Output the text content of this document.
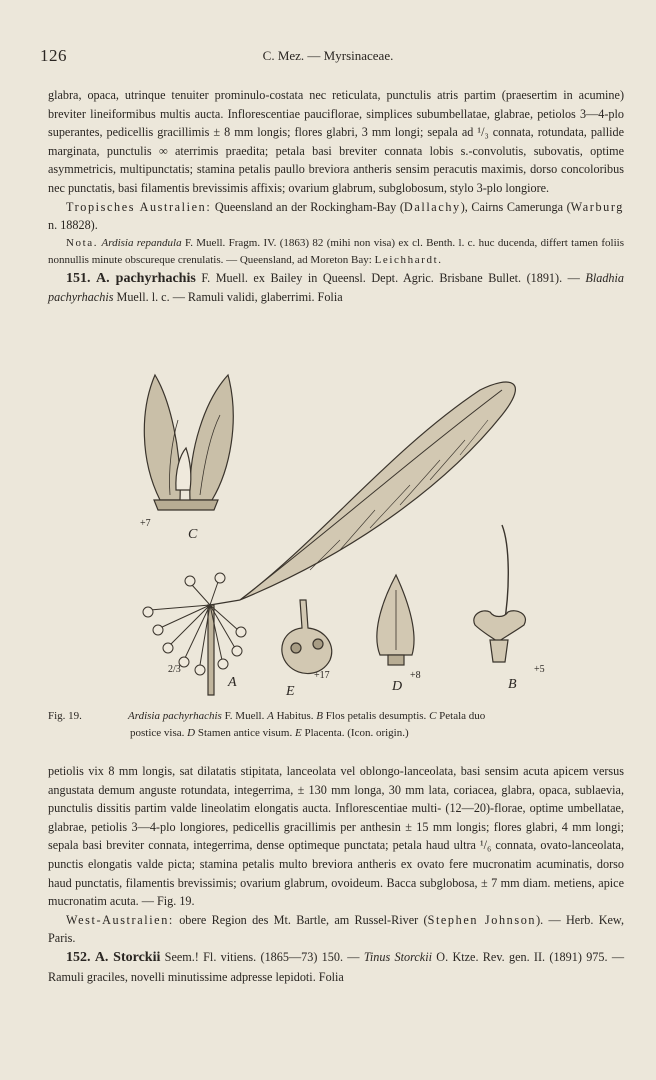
126	C. Mez. — Myrsinaceae.

glabra, opaca, utrinque tenuiter prominulo-costata nec reticulata, punctulis atris partim (praesertim in acumine) breviter lineiformibus multis aucta. Inflorescentiae pauciflorae, simplices subumbellatae, glabrae, petiolos 3—4-plo superantes, pedicellis gracillimis ± 8 mm longis; flores glabri, 3 mm longi; sepala ad ¹/₃ connata, rotundata, pallide marginata, punctulis ∞ aterrimis praedita; petala basi breviter connata lobis s.-convolutis, subovatis, optime asymmetricis, multipunctatis; stamina petalis paullo breviora antheris sensim peracutis maximis, dorso concoloribus nec punctatis, basi filamentis brevissimis affixis; ovarium glabrum, subglobosum, stylo 3-plo longiore.

Tropisches Australien: Queensland an der Rockingham-Bay (Dallachy), Cairns Camerunga (Warburg n. 18828).

Nota. Ardisia repandula F. Muell. Fragm. IV. (1863) 82 (mihi non visa) ex cl. Benth. l. c. huc ducenda, differt tamen foliis nonnullis minute obscureque crenulatis. — Queensland, ad Moreton Bay: Leichhardt.

151. A. pachyrhachis F. Muell. ex Bailey in Queensl. Dept. Agric. Brisbane Bullet. (1891). — Bladhia pachyrhachis Muell. l. c. — Ramuli validi, glaberrimi. Folia

+7
C
2/3
A
E
+17
D
+8
B
+5
Fig. 19.	Ardisia pachyrhachis F. Muell. A Habitus. B Flos petalis desumptis. C Petala duo
postice visa. D Stamen antice visum. E Placenta. (Icon. origin.)

petiolis vix 8 mm longis, sat dilatatis stipitata, lanceolata vel oblongo-lanceolata, basi sensim acuta apicem versus angustata demum anguste rotundata, integerrima, ± 130 mm longa, 30 mm lata, coriacea, glabra, opaca, sublaevia, punctulis dissitis partim valde lineolatim elongatis aucta. Inflorescentiae multi- (12—20)-florae, optime umbellatae, glabrae, petiolis 3—4-plo longiores, pedicellis gracillimis per anthesin ± 15 mm longis; flores glabri, 4 mm longi; sepala basi breviter connata, integerrima, dense optimeque punctata; petala haud ultra ¹/₆ connata, ovato-lanceolata, punctis elongatis valde picta; stamina petalis multo breviora antheris ex ovato fere mucronatim acuminatis, dorso haud punctatis, filamentis brevissimis; ovarium glabrum, ovoideum. Bacca subglobosa, ± 7 mm diam. metiens, apice mucronatim acuta. — Fig. 19.

West-Australien: obere Region des Mt. Bartle, am Russel-River (Stephen Johnson). — Herb. Kew, Paris.

152. A. Storckii Seem.! Fl. vitiens. (1865—73) 150. — Tinus Storckii O. Ktze. Rev. gen. II. (1891) 975. — Ramuli graciles, novelli minutissime adpresse lepidoti. Folia
